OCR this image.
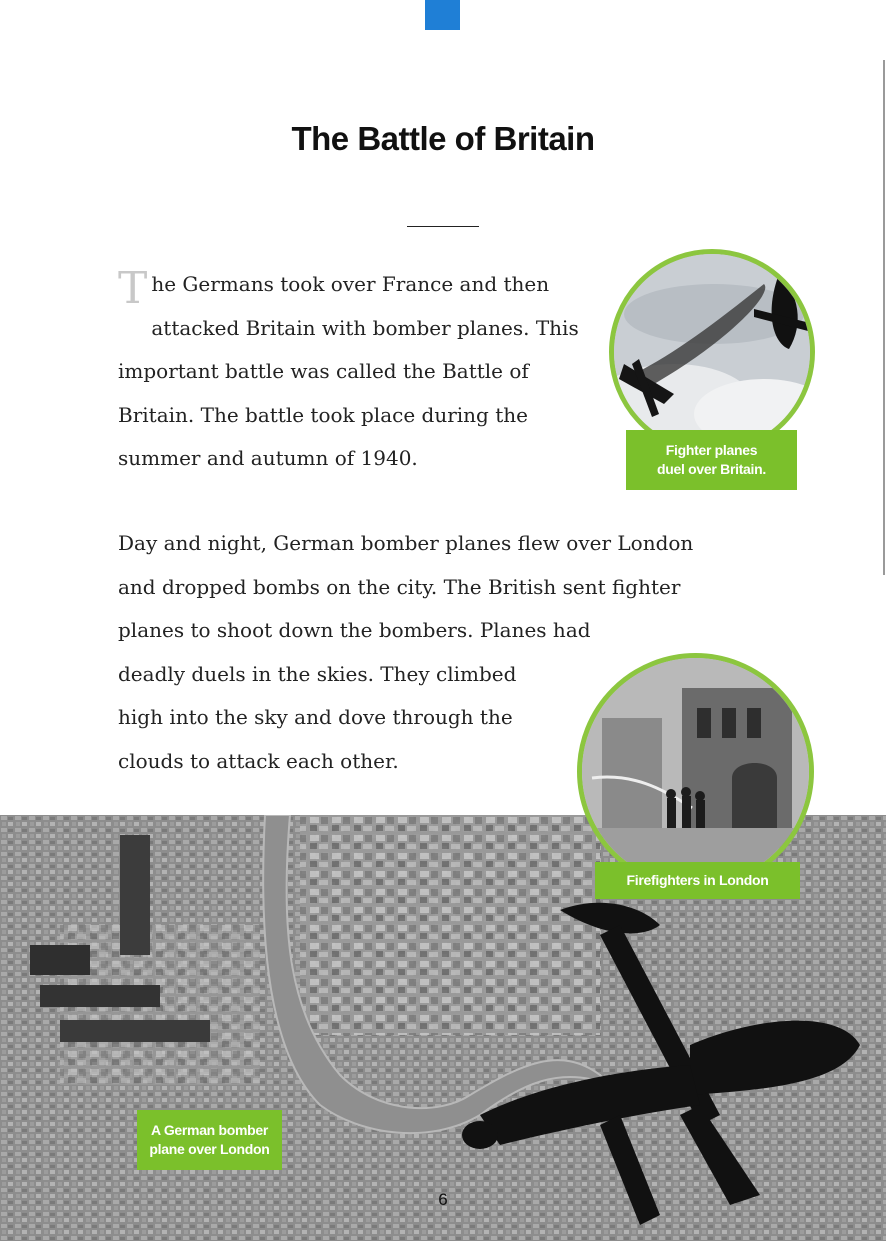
The Battle of Britain

T he Germans took over France and then
attacked Britain with bomber planes. This
important battle was called the Battle of
Britain. The battle took place during the
summer and autumn of 1940.

Day and night, German bomber planes flew over London
and dropped bombs on the city. The British sent fighter
planes to shoot down the bombers. Planes had
deadly duels in the skies. They climbed
high into the sky and dove through the
clouds to attack each other.

Fighter planes
duel over Britain.
Firefighters in London
A German bomber
plane over London
6
